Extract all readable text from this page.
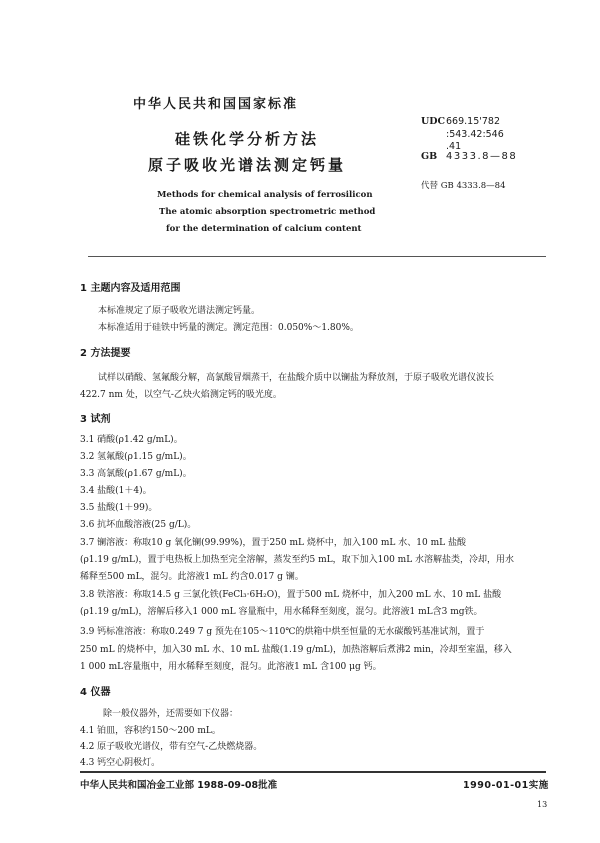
中华人民共和国国家标准
硅铁化学分析方法
原子吸收光谱法测定钙量
Methods for chemical analysis of ferrosilicon
The atomic absorption spectrometric method
for the determination of calcium content
UDC 669.15'782
:543.42:546
.41
GB 4333.8—88
代替 GB 4333.8—84
1 主题内容及适用范围
本标准规定了原子吸收光谱法测定钙量。
本标准适用于硅铁中钙量的测定。测定范围：0.050%～1.80%。
2 方法提要
试样以硝酸、氢氟酸分解，高氯酸冒烟蒸干，在盐酸介质中以镧盐为释放剂，于原子吸收光谱仪波长
422.7 nm 处，以空气-乙炔火焰测定钙的吸光度。
3 试剂
3.1 硝酸(ρ1.42 g/mL)。
3.2 氢氟酸(ρ1.15 g/mL)。
3.3 高氯酸(ρ1.67 g/mL)。
3.4 盐酸(1＋4)。
3.5 盐酸(1＋99)。
3.6 抗坏血酸溶液(25 g/L)。
3.7 镧溶液：称取10 g 氧化镧(99.99%)，置于250 mL 烧杯中，加入100 mL 水、10 mL 盐酸
(ρ1.19 g/mL)，置于电热板上加热至完全溶解，蒸发至约5 mL，取下加入100 mL 水溶解盐类，冷却，用水
稀释至500 mL，混匀。此溶液1 mL 约含0.017 g 镧。
3.8 铁溶液：称取14.5 g 三氯化铁(FeCl₃·6H₂O)，置于500 mL 烧杯中，加入200 mL 水、10 mL 盐酸
(ρ1.19 g/mL)，溶解后移入1 000 mL 容量瓶中，用水稀释至刻度，混匀。此溶液1 mL含3 mg铁。
3.9 钙标准溶液：称取0.249 7 g 预先在105～110℃的烘箱中烘至恒量的无水碳酸钙基准试剂，置于
250 mL 的烧杯中，加入30 mL 水、10 mL 盐酸(1.19 g/mL)，加热溶解后煮沸2 min，冷却至室温，移入
1 000 mL容量瓶中，用水稀释至刻度，混匀。此溶液1 mL 含100 μg 钙。
4 仪器
除一般仪器外，还需要如下仪器：
4.1 铂皿，容积约150～200 mL。
4.2 原子吸收光谱仪，带有空气-乙炔燃烧器。
4.3 钙空心阴极灯。
中华人民共和国冶金工业部 1988-09-08批准	1990-01-01实施
13
